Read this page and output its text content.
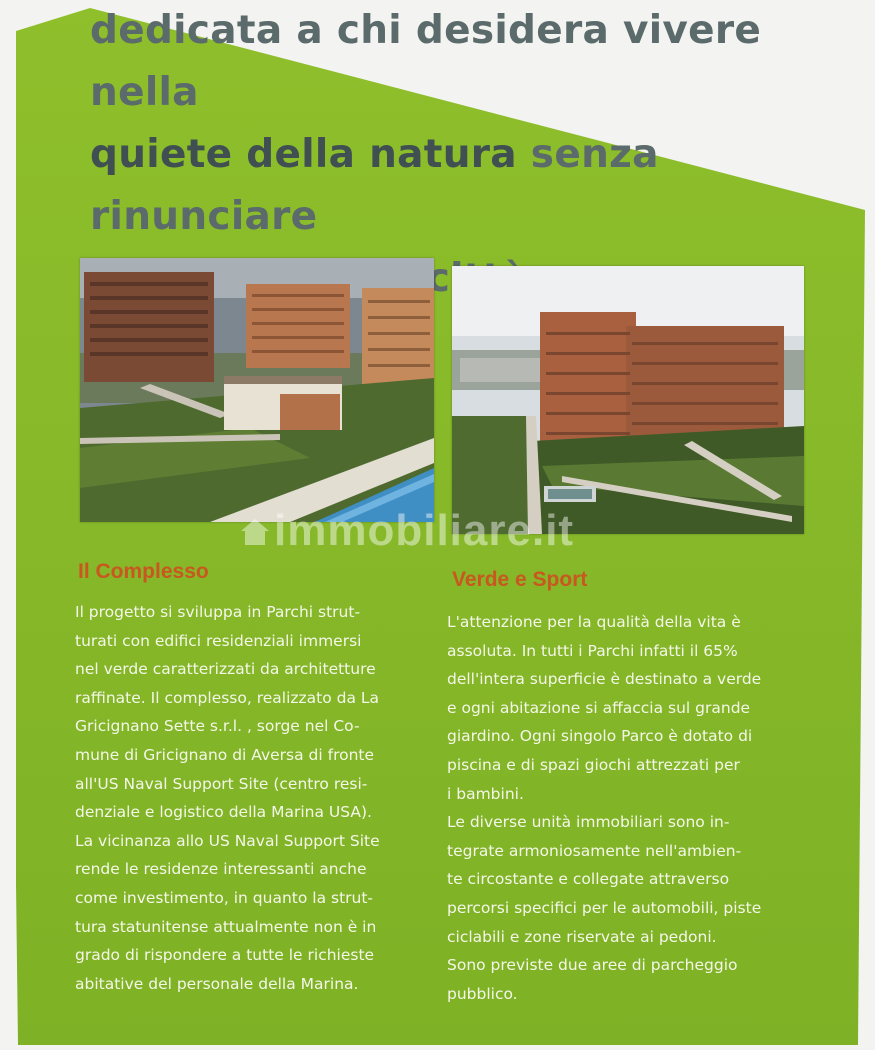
dedicata a chi desidera vivere nella
quiete della natura senza rinunciare

immobiliare.it
Il Complesso

Il progetto si sviluppa in Parchi strut-
turati con edifici residenziali immersi
nel verde caratterizzati da architetture
raffinate. Il complesso, realizzato da La
Gricignano Sette s.r.l. , sorge nel Co-
mune di Gricignano di Aversa di fronte
all'US Naval Support Site (centro resi-
denziale e logistico della Marina USA).
La vicinanza allo US Naval Support Site
rende le residenze interessanti anche
come investimento, in quanto la strut-
tura statunitense attualmente non è in
grado di rispondere a tutte le richieste
abitative del personale della Marina.

Verde e Sport

L'attenzione per la qualità della vita è
assoluta. In tutti i Parchi infatti il 65%
dell'intera superficie è destinato a verde
e ogni abitazione si affaccia sul grande
giardino. Ogni singolo Parco è dotato di
piscina e di spazi giochi attrezzati per
i bambini.
Le diverse unità immobiliari sono in-
tegrate armoniosamente nell'ambien-
te circostante e collegate attraverso
percorsi specifici per le automobili, piste
ciclabili e zone riservate ai pedoni.
Sono previste due aree di parcheggio
pubblico.
